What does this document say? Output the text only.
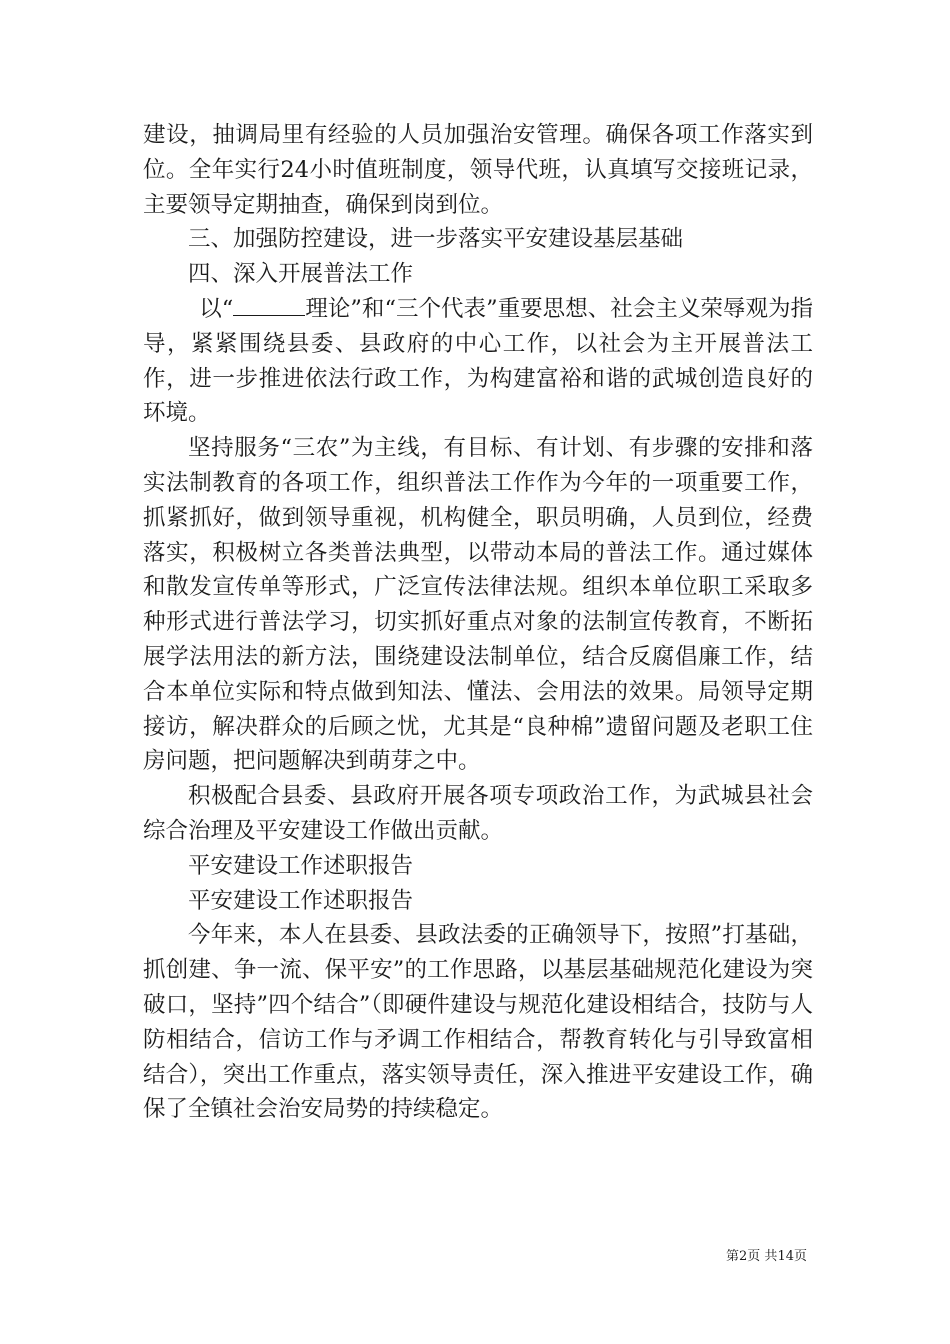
建设，抽调局里有经验的人员加强治安管理。确保各项工作落实到位。全年实行24小时值班制度，领导代班，认真填写交接班记录，主要领导定期抽查，确保到岗到位。

三、加强防控建设，进一步落实平安建设基层基础

四、深入开展普法工作

以“	理论”和“三个代表”重要思想、社会主义荣辱观为指导，紧紧围绕县委、县政府的中心工作，以社会为主开展普法工作，进一步推进依法行政工作，为构建富裕和谐的武城创造良好的环境。

坚持服务“三农”为主线，有目标、有计划、有步骤的安排和落实法制教育的各项工作，组织普法工作作为今年的一项重要工作，抓紧抓好，做到领导重视，机构健全，职员明确，人员到位，经费落实，积极树立各类普法典型，以带动本局的普法工作。通过媒体和散发宣传单等形式，广泛宣传法律法规。组织本单位职工采取多种形式进行普法学习，切实抓好重点对象的法制宣传教育，不断拓展学法用法的新方法，围绕建设法制单位，结合反腐倡廉工作，结合本单位实际和特点做到知法、懂法、会用法的效果。局领导定期接访，解决群众的后顾之忧，尤其是“良种棉”遗留问题及老职工住房问题，把问题解决到萌芽之中。

积极配合县委、县政府开展各项专项政治工作，为武城县社会综合治理及平安建设工作做出贡献。

平安建设工作述职报告

平安建设工作述职报告

今年来，本人在县委、县政法委的正确领导下，按照”打基础，抓创建、争一流、保平安”的工作思路，以基层基础规范化建设为突破口，坚持”四个结合”（即硬件建设与规范化建设相结合，技防与人防相结合，信访工作与矛调工作相结合，帮教育转化与引导致富相结合），突出工作重点，落实领导责任，深入推进平安建设工作，确保了全镇社会治安局势的持续稳定。

第2页 共14页
